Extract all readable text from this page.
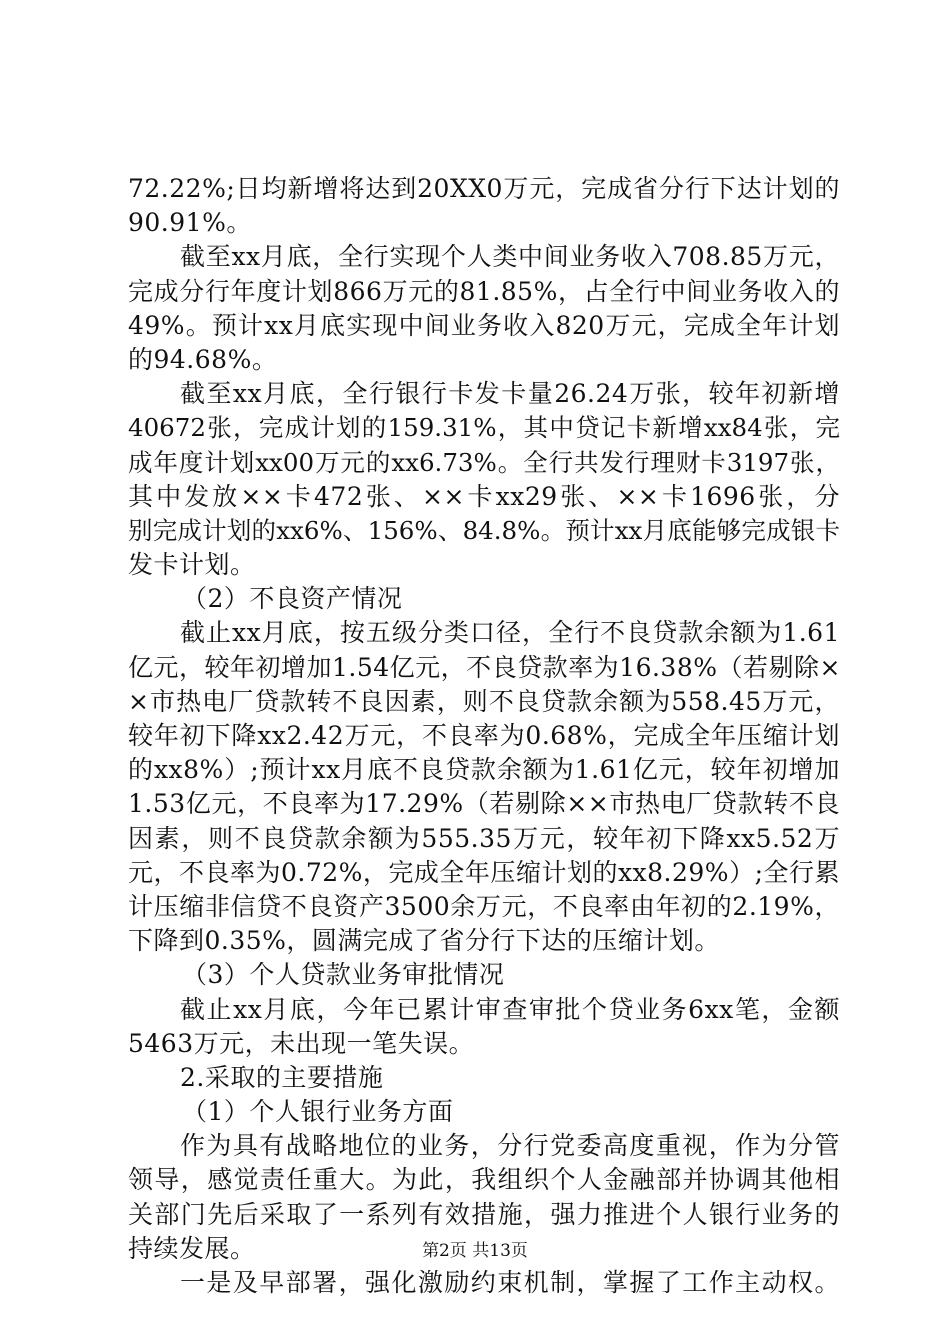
72.22%;日均新增将达到20XX0万元，完成省分行下达计划的
90.91%。
截至xx月底，全行实现个人类中间业务收入708.85万元，
完成分行年度计划866万元的81.85%，占全行中间业务收入的
49%。预计xx月底实现中间业务收入820万元，完成全年计划
的94.68%。
截至xx月底，全行银行卡发卡量26.24万张，较年初新增
40672张，完成计划的159.31%，其中贷记卡新增xx84张，完
成年度计划xx00万元的xx6.73%。全行共发行理财卡3197张，
其中发放××卡472张、××卡xx29张、××卡1696张，分
别完成计划的xx6%、156%、84.8%。预计xx月底能够完成银卡
发卡计划。
（2）不良资产情况
截止xx月底，按五级分类口径，全行不良贷款余额为1.61
亿元，较年初增加1.54亿元，不良贷款率为16.38%（若剔除×
×市热电厂贷款转不良因素，则不良贷款余额为558.45万元，
较年初下降xx2.42万元，不良率为0.68%，完成全年压缩计划
的xx8%）;预计xx月底不良贷款余额为1.61亿元，较年初增加
1.53亿元，不良率为17.29%（若剔除××市热电厂贷款转不良
因素，则不良贷款余额为555.35万元，较年初下降xx5.52万
元，不良率为0.72%，完成全年压缩计划的xx8.29%）;全行累
计压缩非信贷不良资产3500余万元，不良率由年初的2.19%，
下降到0.35%，圆满完成了省分行下达的压缩计划。
（3）个人贷款业务审批情况
截止xx月底，今年已累计审查审批个贷业务6xx笔，金额
5463万元，未出现一笔失误。
2.采取的主要措施
（1）个人银行业务方面
作为具有战略地位的业务，分行党委高度重视，作为分管
领导，感觉责任重大。为此，我组织个人金融部并协调其他相
关部门先后采取了一系列有效措施，强力推进个人银行业务的
持续发展。
一是及早部署，强化激励约束机制，掌握了工作主动权。
第2页 共13页
